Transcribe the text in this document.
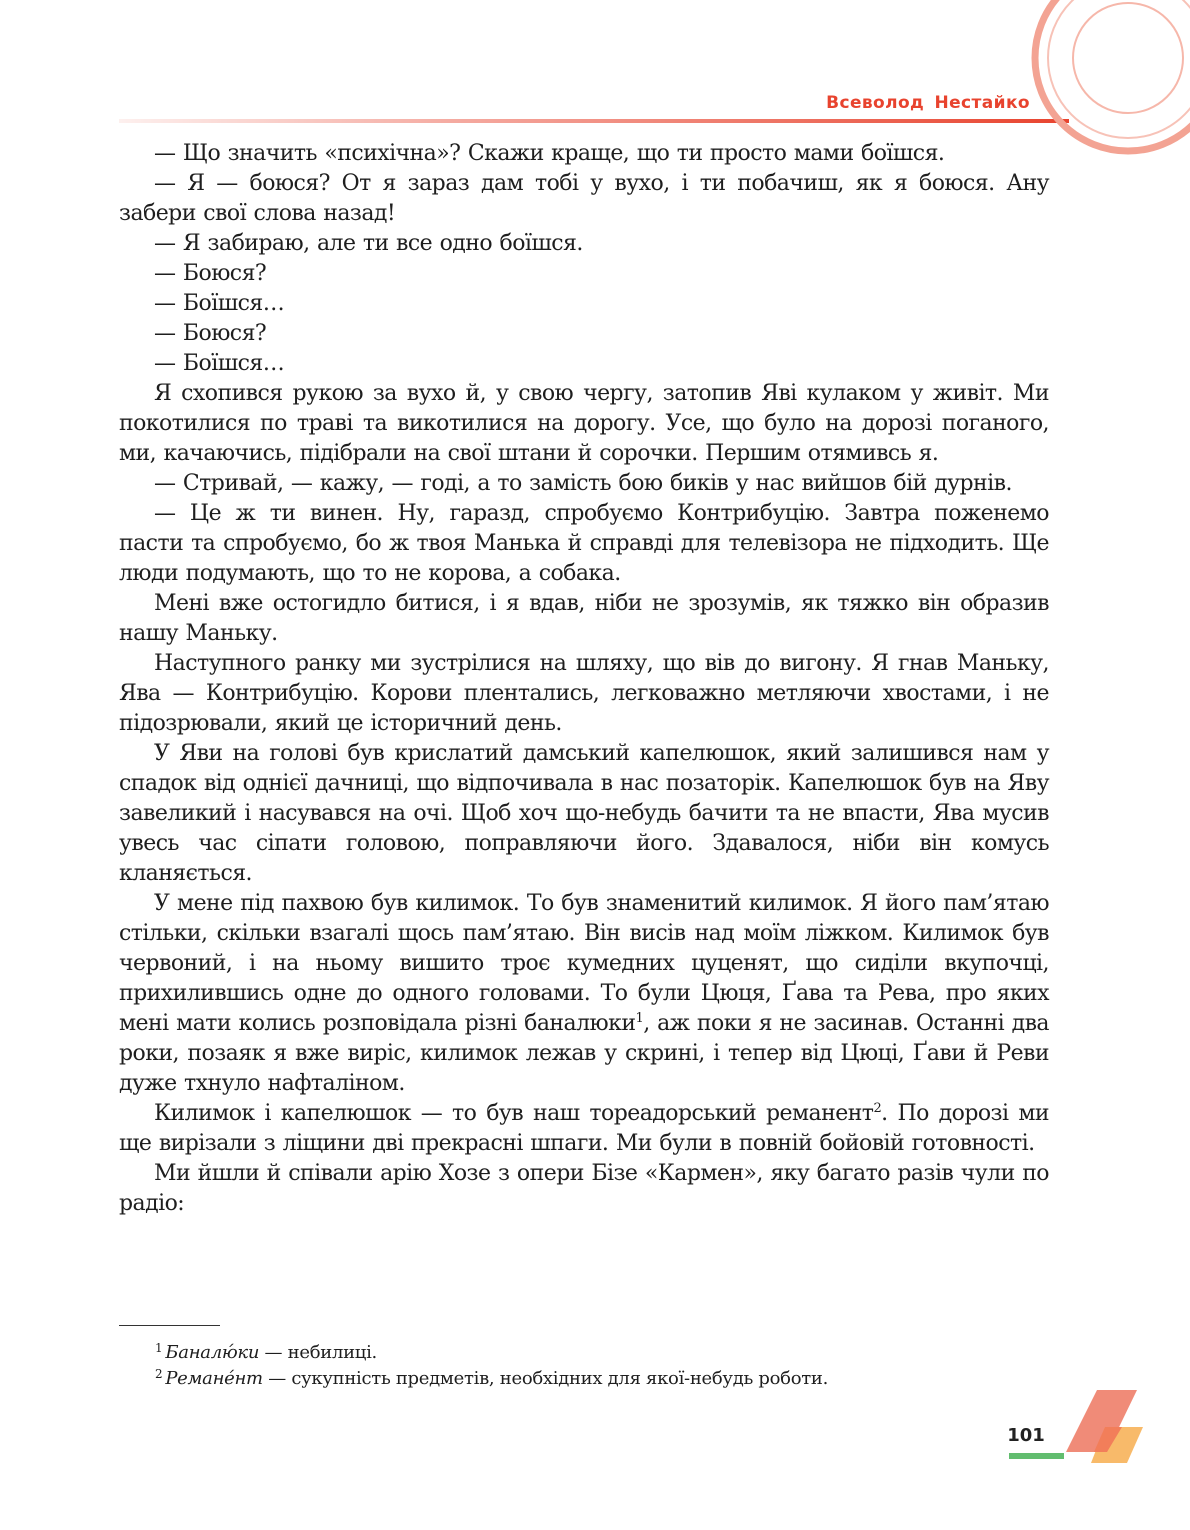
Всеволод Нестайко

— Що значить «психічна»? Скажи краще, що ти просто мами боїшся.

— Я — боюся? От я зараз дам тобі у вухо, і ти побачиш, як я боюся. Ану забери свої слова назад!

— Я забираю, але ти все одно боїшся.

— Боюся?

— Боїшся…

— Боюся?

— Боїшся…

Я схопився рукою за вухо й, у свою чергу, затопив Яві кулаком у живіт. Ми покотилися по траві та викотилися на дорогу. Усе, що було на дорозі поганого, ми, качаючись, підібрали на свої штани й сорочки. Першим отямивсь я.

— Стривай, — кажу, — годі, а то замість бою биків у нас вийшов бій дурнів.

— Це ж ти винен. Ну, гаразд, спробуємо Контрибуцію. Завтра поженемо пасти та спробуємо, бо ж твоя Манька й справді для телевізора не підходить. Ще люди подумають, що то не корова, а собака.

Мені вже остогидло битися, і я вдав, ніби не зрозумів, як тяжко він образив нашу Маньку.

Наступного ранку ми зустрілися на шляху, що вів до вигону. Я гнав Маньку, Ява — Контрибуцію. Корови плентались, легковажно метляючи хвостами, і не підозрювали, який це історичний день.

У Яви на голові був крислатий дамський капелюшок, який залишився нам у спадок від однієї дачниці, що відпочивала в нас позаторік. Капелюшок був на Яву завеликий і насувався на очі. Щоб хоч що-небудь бачити та не впасти, Ява мусив увесь час сіпати головою, поправляючи його. Здавалося, ніби він комусь кланяється.

У мене під пахвою був килимок. То був знаменитий килимок. Я його пам’ятаю стільки, скільки взагалі щось пам’ятаю. Він висів над моїм ліжком. Килимок був червоний, і на ньому вишито троє кумедних цуценят, що сиділи вкупочці, прихилившись одне до одного головами. То були Цюця, Ґава та Рева, про яких мені мати колись розповідала різні баналюки$^1$, аж поки я не засинав. Останні два роки, позаяк я вже виріс, килимок лежав у скрині, і тепер від Цюці, Ґави й Реви дуже тхнуло нафталіном.

Килимок і капелюшок — то був наш тореадорський реманент$^2$. По дорозі ми ще вирізали з ліщини дві прекрасні шпаги. Ми були в повній бойовій готовності.

Ми йшли й співали арію Хозе з опери Бізе «Кармен», яку багато разів чули по радіо:

$^1$ Баналю́ки — небилиці.

$^2$ Реманéнт — сукупність предметів, необхідних для якої-небудь роботи.

101
